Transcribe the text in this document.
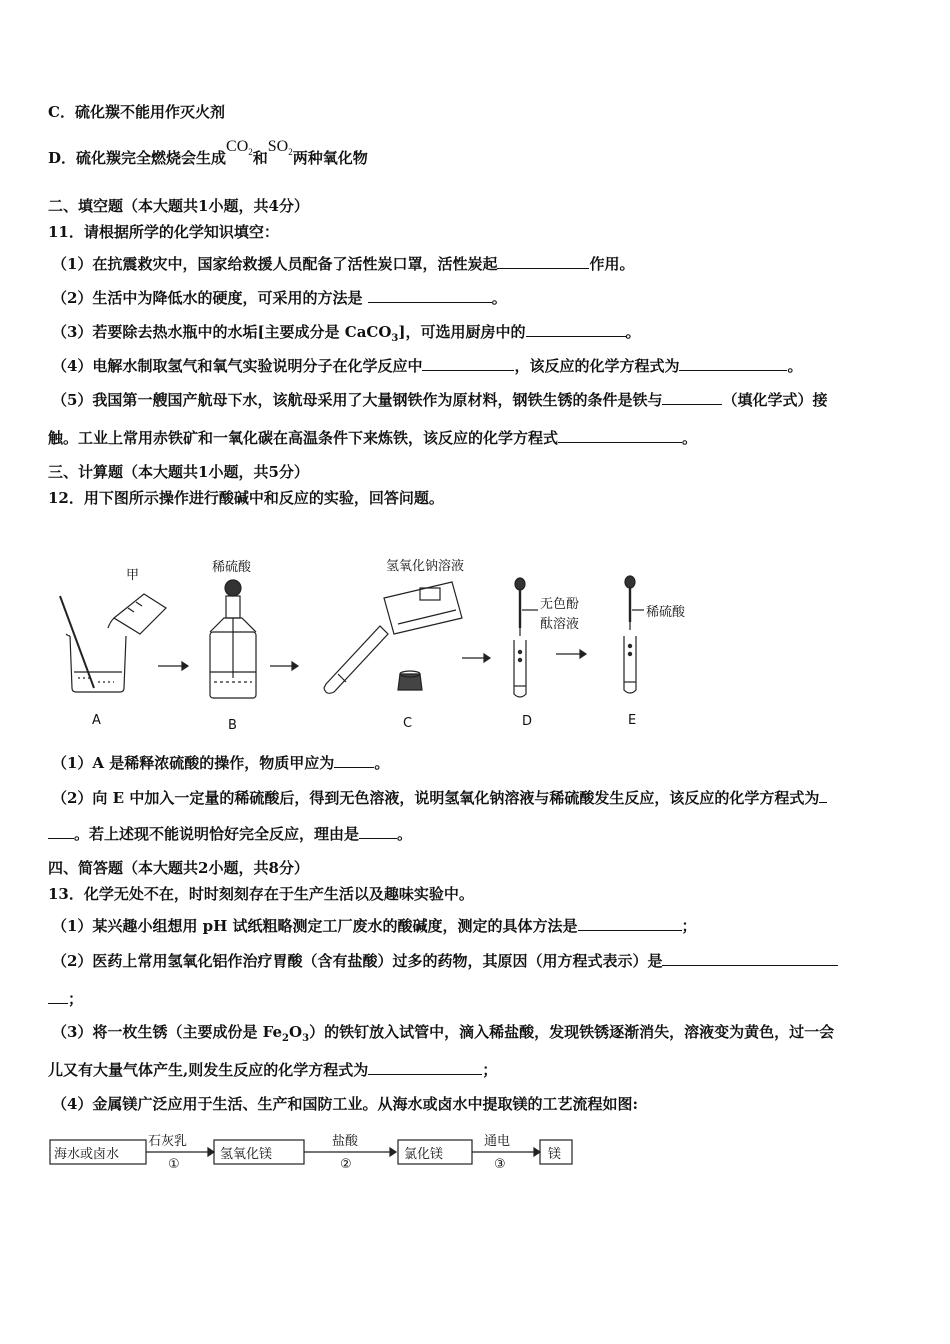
C．硫化羰不能用作灭火剂
D．硫化羰完全燃烧会生成$CO_2$和$SO_2$两种氧化物
二、填空题（本大题共1小题，共4分）
11．请根据所学的化学知识填空：
（1）在抗震救灾中，国家给救援人员配备了活性炭口罩，活性炭起	作用。
（2）生活中为降低水的硬度，可采用的方法是	。
（3）若要除去热水瓶中的水垢[主要成分是 CaCO$_3$]，可选用厨房中的	。
（4）电解水制取氢气和氧气实验说明分子在化学反应中	，该反应的化学方程式为	。
（5）我国第一艘国产航母下水，该航母采用了大量钢铁作为原材料，钢铁生锈的条件是铁与	（填化学式）接
触。工业上常用赤铁矿和一氧化碳在高温条件下来炼铁，该反应的化学方程式	。
三、计算题（本大题共1小题，共5分）
12．用下图所示操作进行酸碱中和反应的实验，回答问题。
甲
A
稀硫酸
B
氢氧化钠溶液
C
无色酚
酞溶液
D
稀硫酸
E
（1）A 是稀释浓硫酸的操作，物质甲应为	。
（2）向 E 中加入一定量的稀硫酸后，得到无色溶液，说明氢氧化钠溶液与稀硫酸发生反应，该反应的化学方程式为
。若上述现不能说明恰好完全反应，理由是	。
四、简答题（本大题共2小题，共8分）
13．化学无处不在，时时刻刻存在于生产生活以及趣味实验中。
（1）某兴趣小组想用 pH 试纸粗略测定工厂废水的酸碱度，测定的具体方法是	；
（2）医药上常用氢氧化铝作治疗胃酸（含有盐酸）过多的药物，其原因（用方程式表示）是
；
（3）将一枚生锈（主要成份是 $Fe_2O_3$）的铁钉放入试管中，滴入稀盐酸，发现铁锈逐渐消失，溶液变为黄色，过一会
儿又有大量气体产生,则发生反应的化学方程式为	；
（4）金属镁广泛应用于生活、生产和国防工业。从海水或卤水中提取镁的工艺流程如图:
海水或卤水
石灰乳
①
氢氧化镁
盐酸
②
氯化镁
通电
③
镁
